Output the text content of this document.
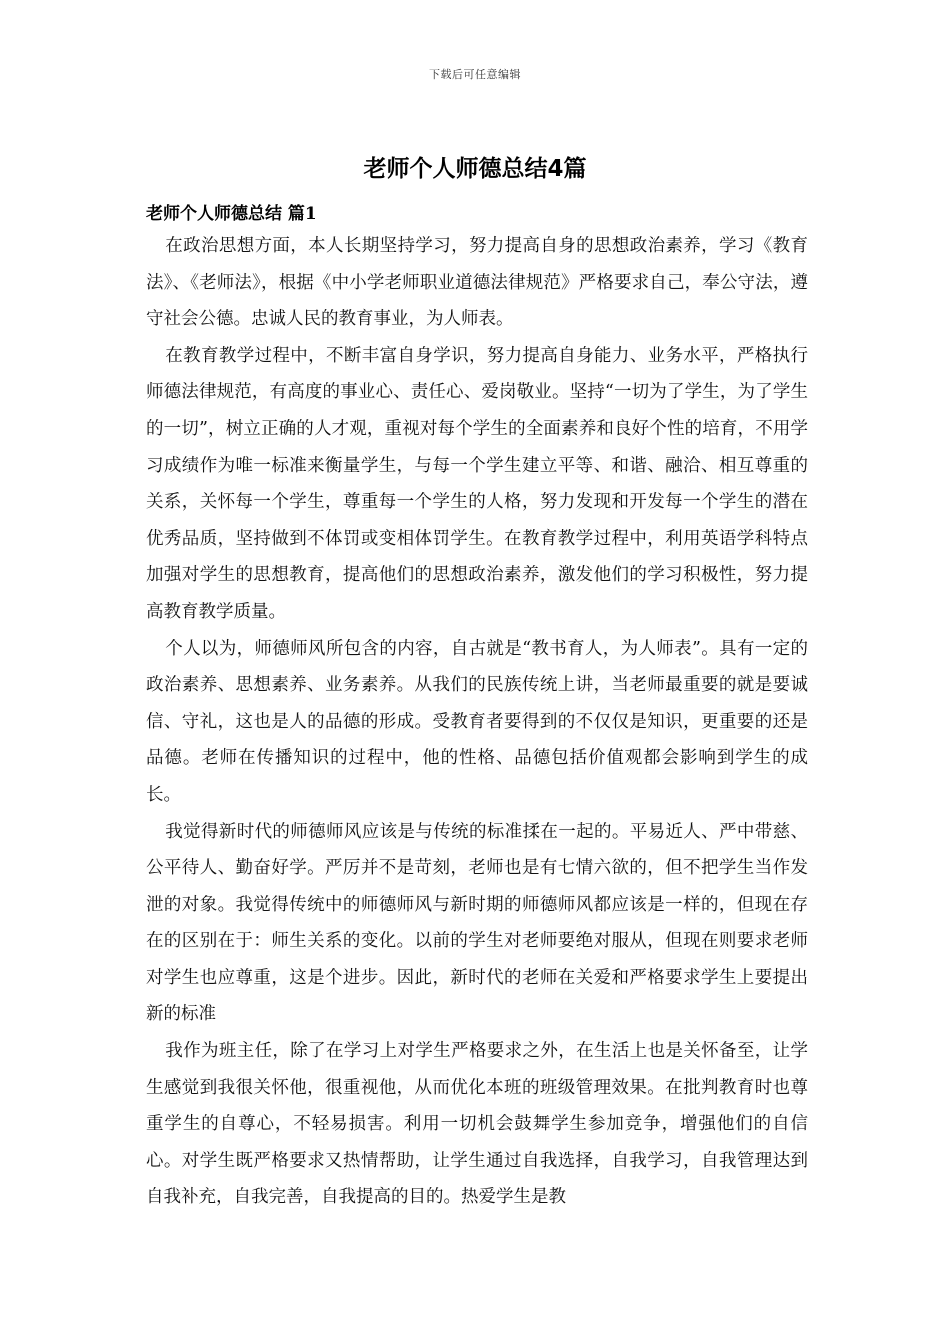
下载后可任意编辑
老师个人师德总结4篇
老师个人师德总结 篇1

在政治思想方面，本人长期坚持学习，努力提高自身的思想政治素养，学习《教育法》、《老师法》，根据《中小学老师职业道德法律规范》严格要求自己，奉公守法，遵守社会公德。忠诚人民的教育事业，为人师表。

在教育教学过程中，不断丰富自身学识，努力提高自身能力、业务水平，严格执行师德法律规范，有高度的事业心、责任心、爱岗敬业。坚持“一切为了学生，为了学生的一切”，树立正确的人才观，重视对每个学生的全面素养和良好个性的培育，不用学习成绩作为唯一标准来衡量学生，与每一个学生建立平等、和谐、融洽、相互尊重的关系，关怀每一个学生，尊重每一个学生的人格，努力发现和开发每一个学生的潜在优秀品质，坚持做到不体罚或变相体罚学生。在教育教学过程中，利用英语学科特点加强对学生的思想教育，提高他们的思想政治素养，激发他们的学习积极性，努力提高教育教学质量。

个人以为，师德师风所包含的内容，自古就是“教书育人，为人师表”。具有一定的政治素养、思想素养、业务素养。从我们的民族传统上讲，当老师最重要的就是要诚信、守礼，这也是人的品德的形成。受教育者要得到的不仅仅是知识，更重要的还是品德。老师在传播知识的过程中，他的性格、品德包括价值观都会影响到学生的成长。

我觉得新时代的师德师风应该是与传统的标准揉在一起的。平易近人、严中带慈、公平待人、勤奋好学。严厉并不是苛刻，老师也是有七情六欲的，但不把学生当作发泄的对象。我觉得传统中的师德师风与新时期的师德师风都应该是一样的，但现在存在的区别在于：师生关系的变化。以前的学生对老师要绝对服从，但现在则要求老师对学生也应尊重，这是个进步。因此，新时代的老师在关爱和严格要求学生上要提出新的标准

我作为班主任，除了在学习上对学生严格要求之外，在生活上也是关怀备至，让学生感觉到我很关怀他，很重视他，从而优化本班的班级管理效果。在批判教育时也尊重学生的自尊心，不轻易损害。利用一切机会鼓舞学生参加竞争，增强他们的自信心。对学生既严格要求又热情帮助，让学生通过自我选择，自我学习，自我管理达到自我补充，自我完善，自我提高的目的。热爱学生是教
